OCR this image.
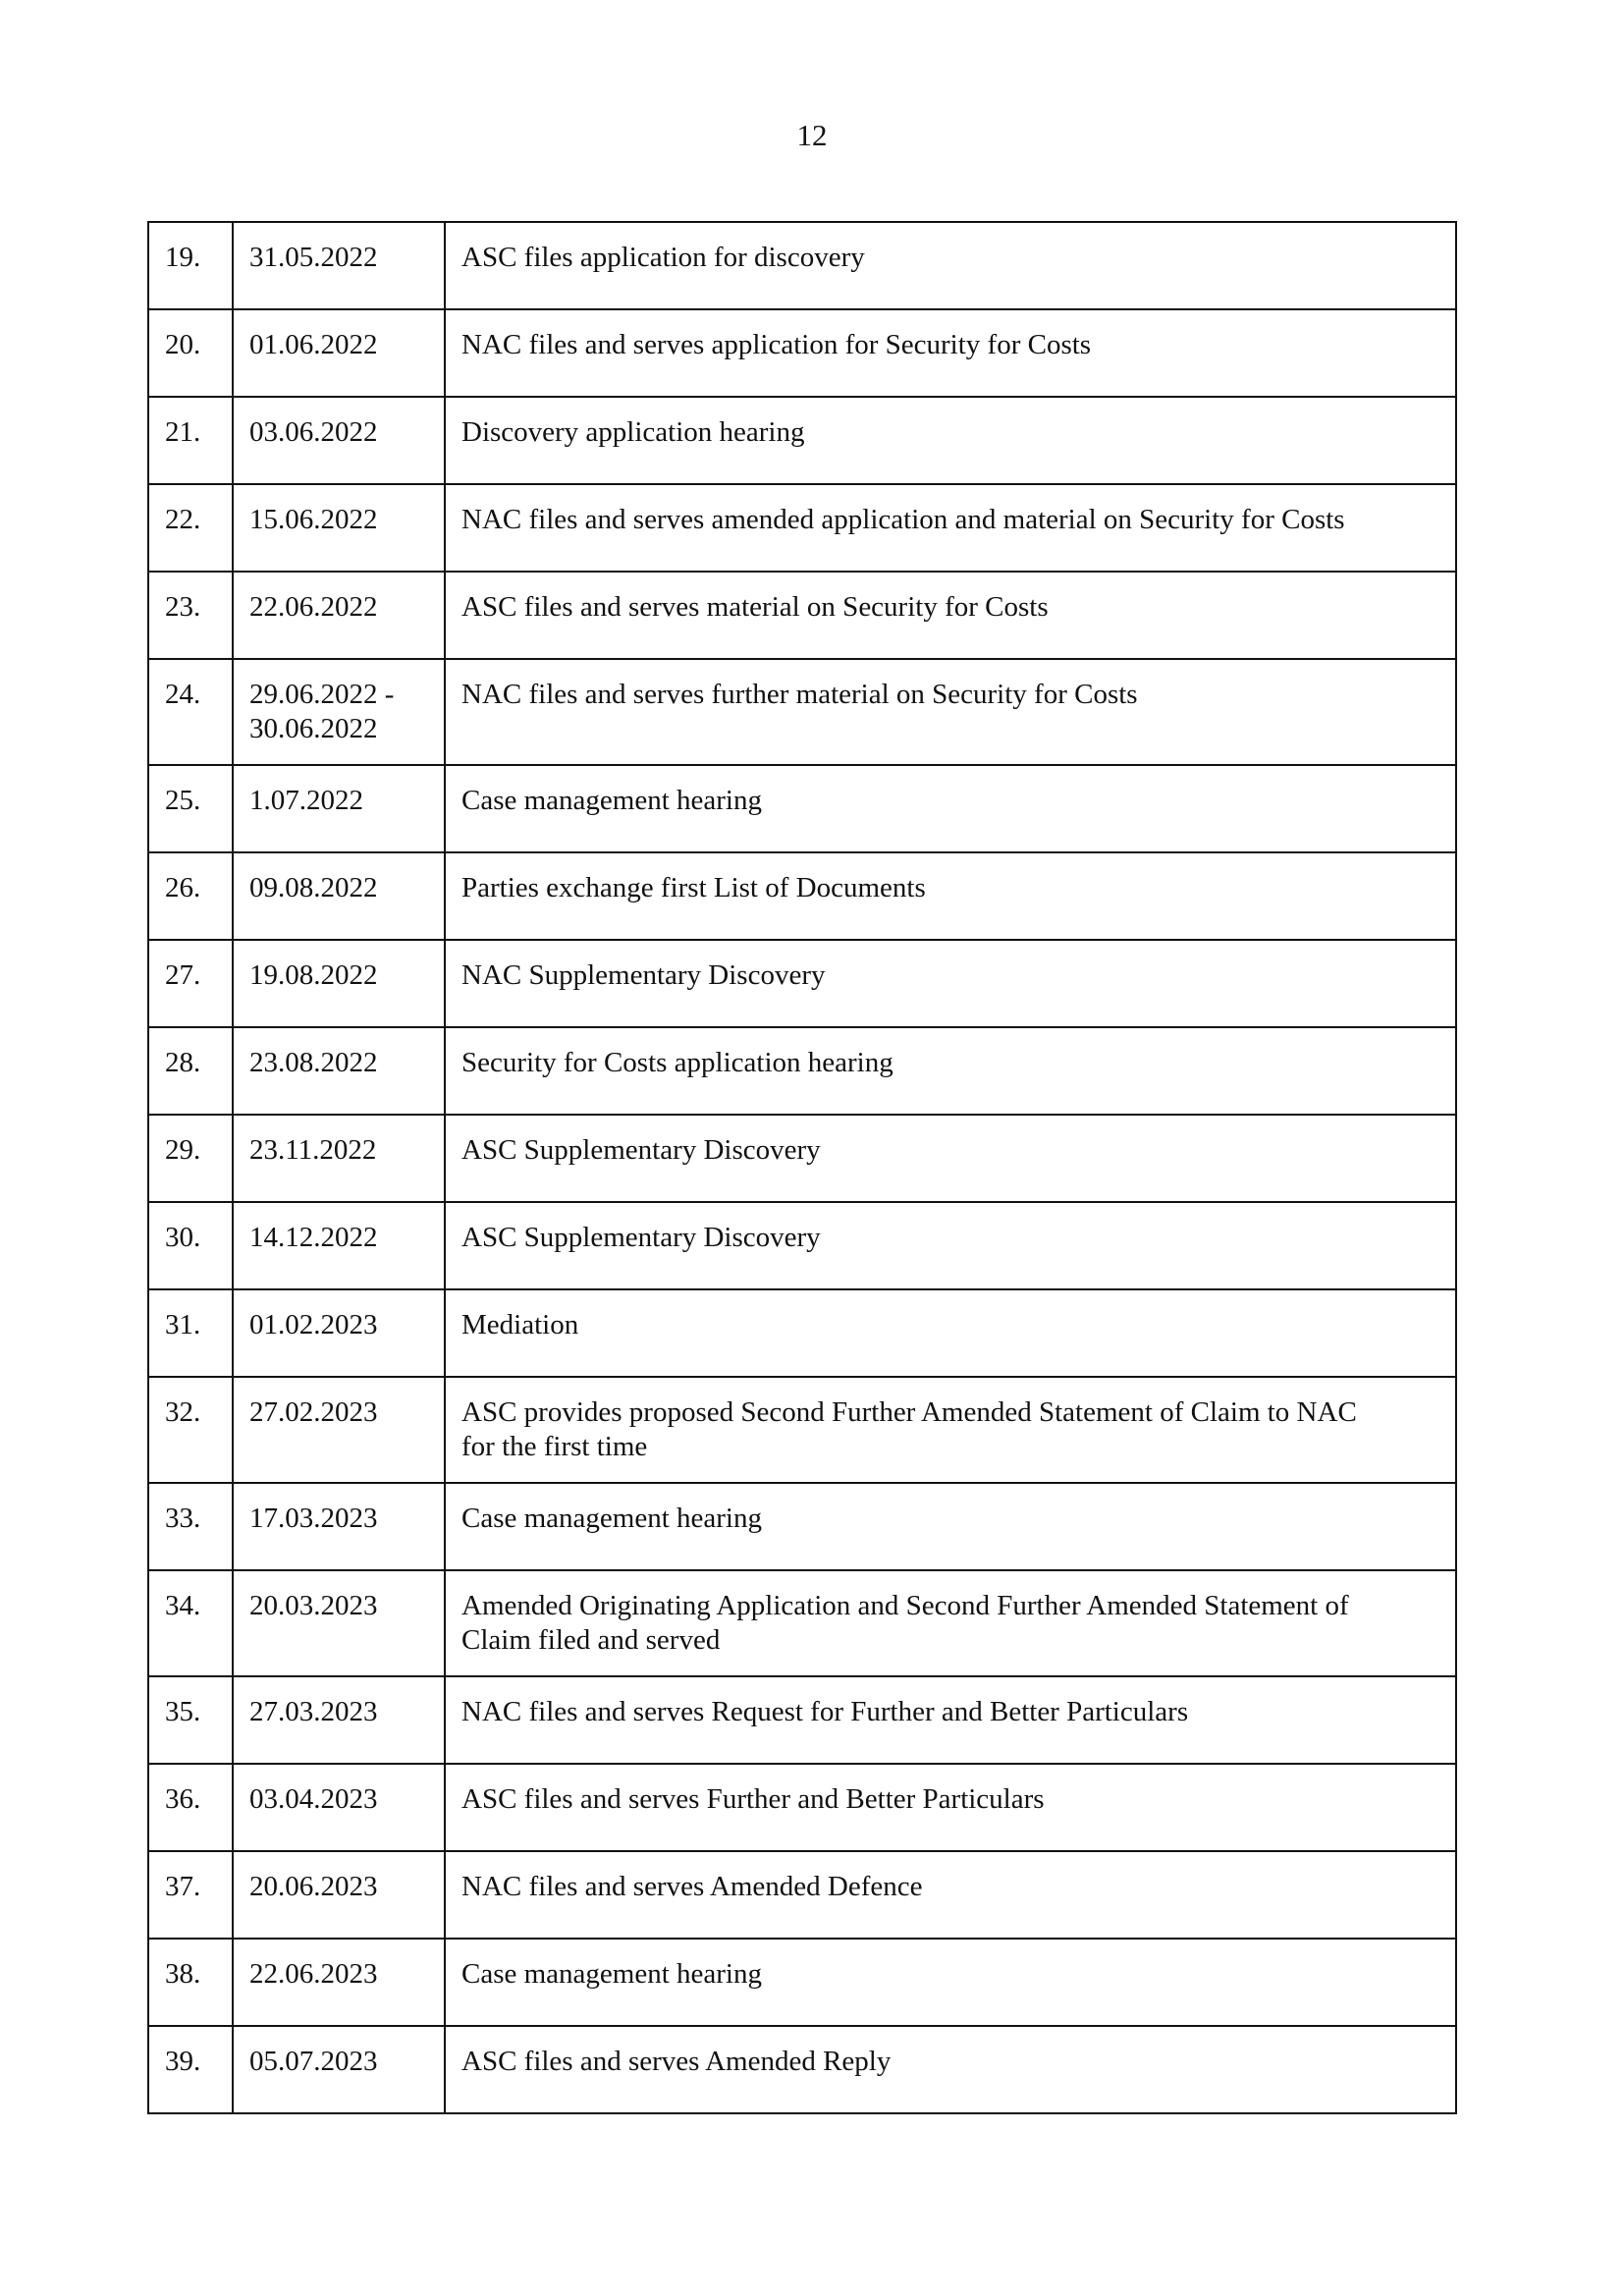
12
19.	31.05.2022	ASC files application for discovery

20.	01.06.2022	NAC files and serves application for Security for Costs

21.	03.06.2022	Discovery application hearing

22.	15.06.2022	NAC files and serves amended application and material on Security for Costs

23.	22.06.2022	ASC files and serves material on Security for Costs

24.	29.06.2022 -
30.06.2022	NAC files and serves further material on Security for Costs

25.	1.07.2022	Case management hearing

26.	09.08.2022	Parties exchange first List of Documents

27.	19.08.2022	NAC Supplementary Discovery

28.	23.08.2022	Security for Costs application hearing

29.	23.11.2022	ASC Supplementary Discovery

30.	14.12.2022	ASC Supplementary Discovery

31.	01.02.2023	Mediation

32.	27.02.2023	ASC provides proposed Second Further Amended Statement of Claim to NAC
for the first time

33.	17.03.2023	Case management hearing

34.	20.03.2023	Amended Originating Application and Second Further Amended Statement of
Claim filed and served

35.	27.03.2023	NAC files and serves Request for Further and Better Particulars

36.	03.04.2023	ASC files and serves Further and Better Particulars

37.	20.06.2023	NAC files and serves Amended Defence

38.	22.06.2023	Case management hearing

39.	05.07.2023	ASC files and serves Amended Reply
